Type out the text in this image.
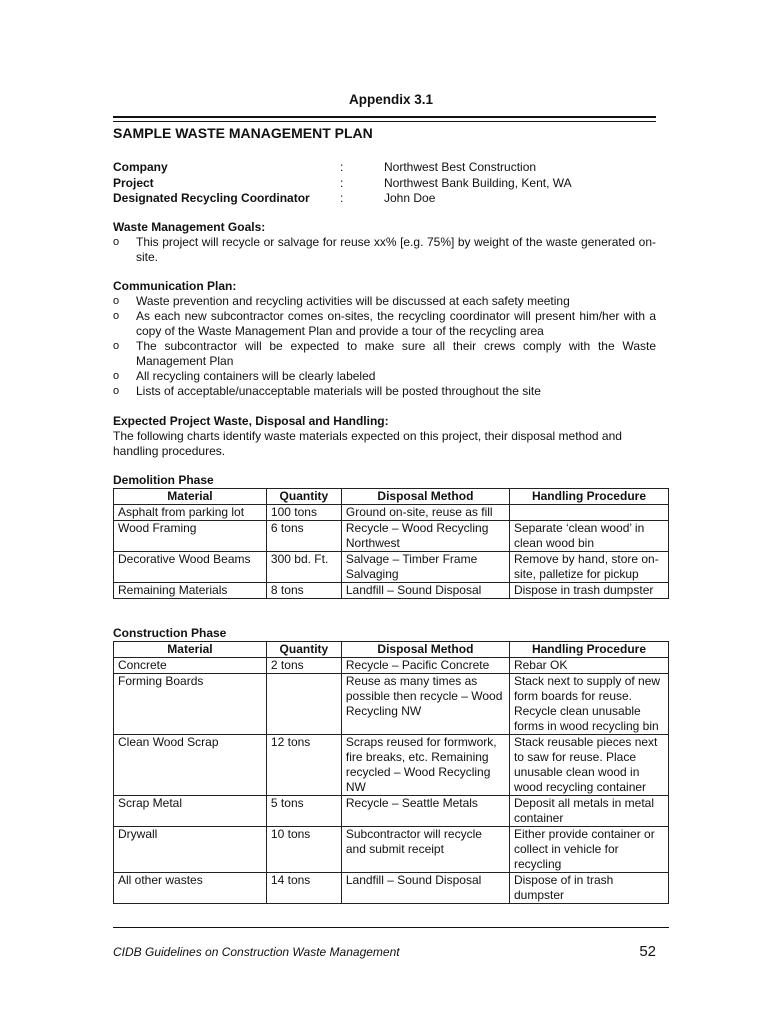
Appendix 3.1
SAMPLE WASTE MANAGEMENT PLAN
Company	:	Northwest Best Construction
Project	:	Northwest Bank Building, Kent, WA
Designated Recycling Coordinator	:	John Doe
Waste Management Goals:
o This project will recycle or salvage for reuse xx% [e.g. 75%] by weight of the waste generated on-site.
Communication Plan:
o Waste prevention and recycling activities will be discussed at each safety meeting
o As each new subcontractor comes on-sites, the recycling coordinator will present him/her with a copy of the Waste Management Plan and provide a tour of the recycling area
o The subcontractor will be expected to make sure all their crews comply with the Waste Management Plan
o All recycling containers will be clearly labeled
o Lists of acceptable/unacceptable materials will be posted throughout the site
Expected Project Waste, Disposal and Handling:

The following charts identify waste materials expected on this project, their disposal method and handling procedures.

Demolition Phase
Material	Quantity	Disposal Method	Handling Procedure
Asphalt from parking lot	100 tons	Ground on-site, reuse as fill	
Wood Framing	6 tons	Recycle – Wood Recycling Northwest	Separate ‘clean wood’ in clean wood bin
Decorative Wood Beams	300 bd. Ft.	Salvage – Timber Frame Salvaging	Remove by hand, store on-site, palletize for pickup
Remaining Materials	8 tons	Landfill – Sound Disposal	Dispose in trash dumpster
Construction Phase
Material	Quantity	Disposal Method	Handling Procedure
Concrete	2 tons	Recycle – Pacific Concrete	Rebar OK
Forming Boards		Reuse as many times as possible then recycle – Wood Recycling NW	Stack next to supply of new form boards for reuse. Recycle clean unusable forms in wood recycling bin
Clean Wood Scrap	12 tons	Scraps reused for formwork, fire breaks, etc. Remaining recycled – Wood Recycling NW	Stack reusable pieces next to saw for reuse. Place unusable clean wood in wood recycling container
Scrap Metal	5 tons	Recycle – Seattle Metals	Deposit all metals in metal container
Drywall	10 tons	Subcontractor will recycle and submit receipt	Either provide container or collect in vehicle for recycling
All other wastes	14 tons	Landfill – Sound Disposal	Dispose of in trash dumpster
CIDB Guidelines on Construction Waste Management	52
